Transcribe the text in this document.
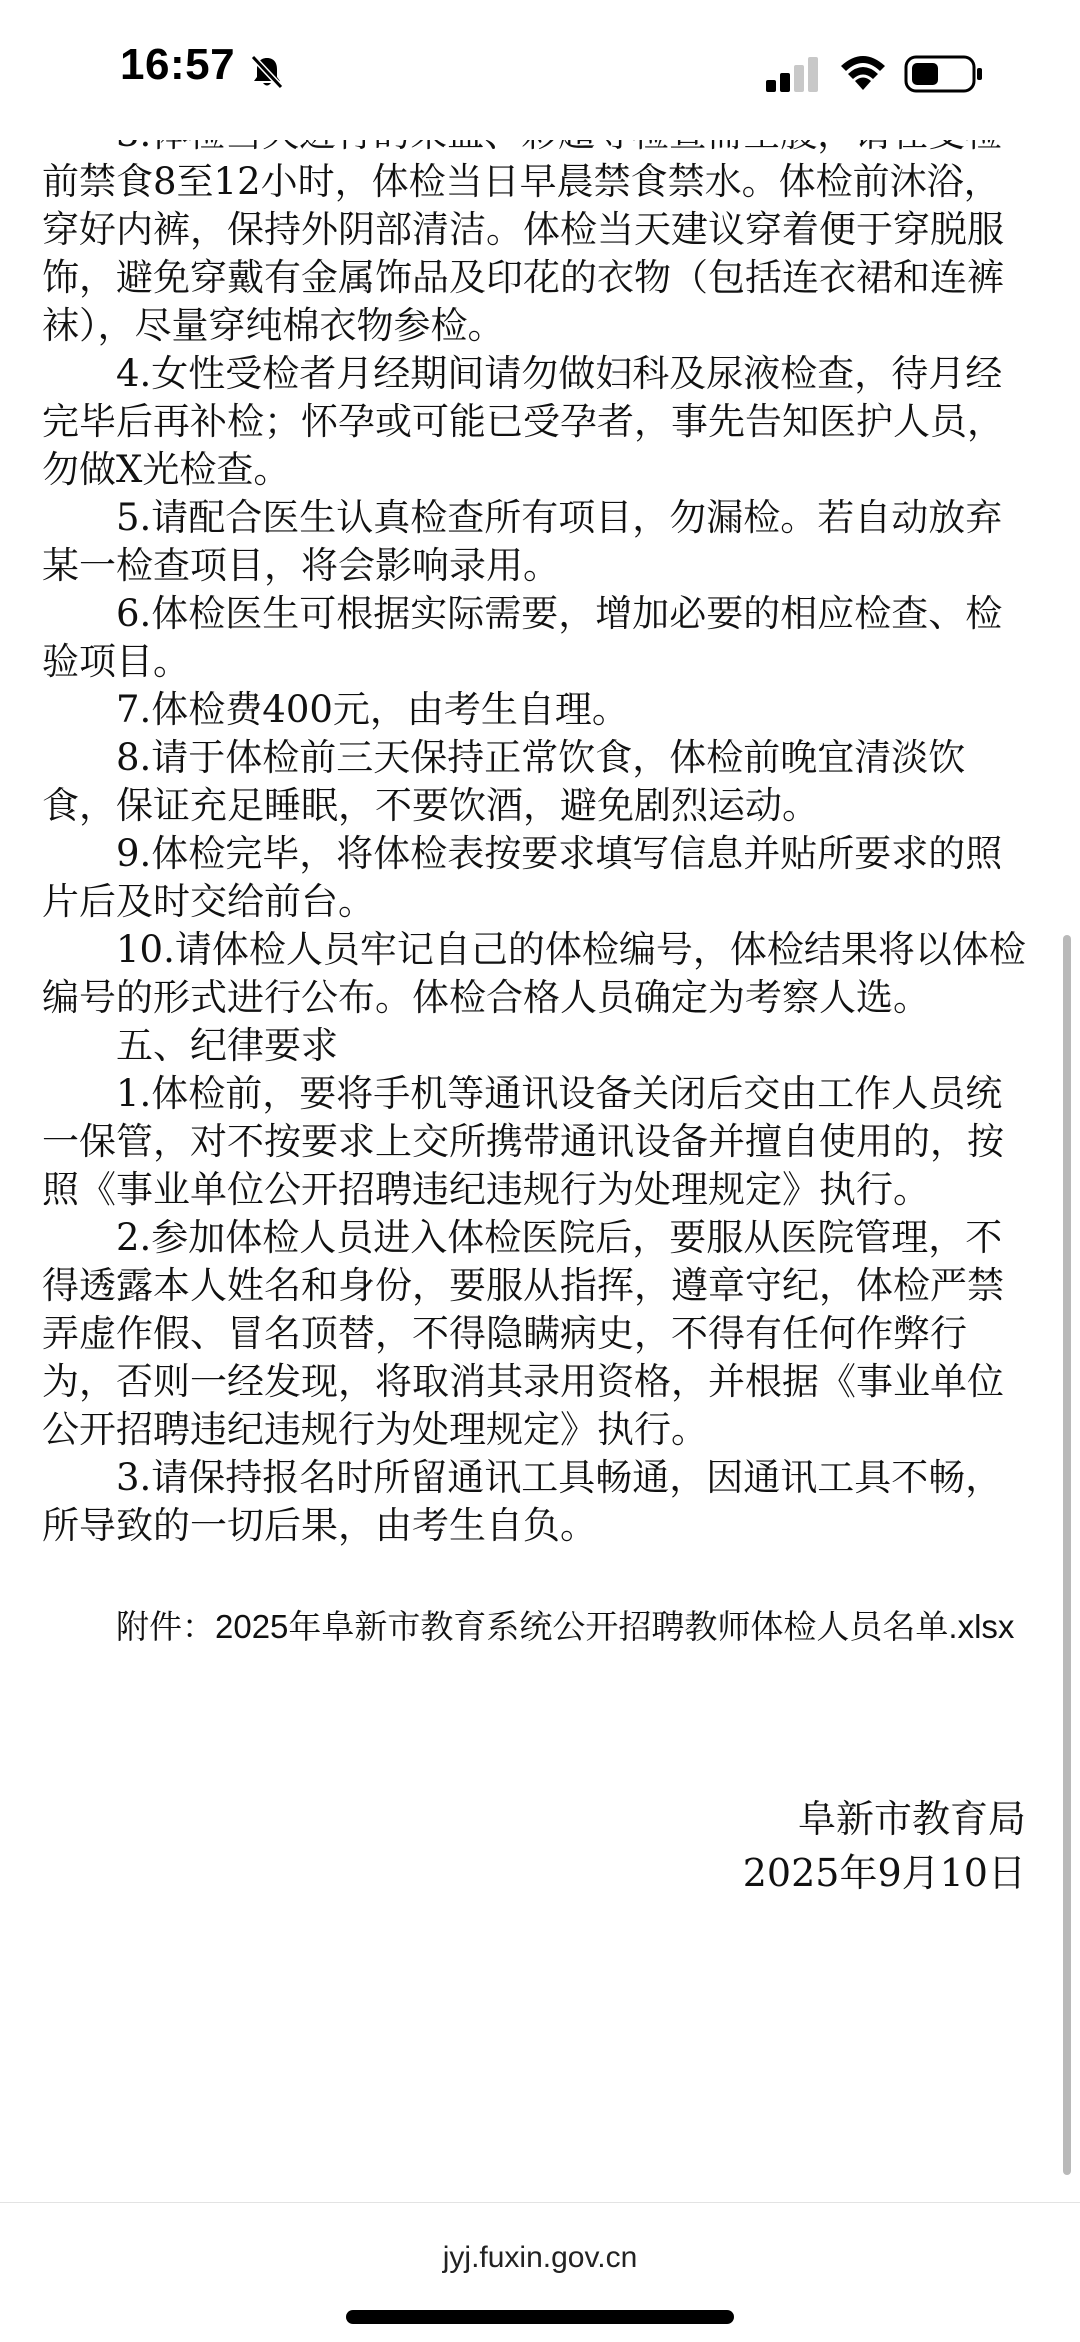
16:57

前禁食8至12小时，体检当日早晨禁食禁水。体检前沐浴，穿好内裤，保持外阴部清洁。体检当天建议穿着便于穿脱服饰，避免穿戴有金属饰品及印花的衣物（包括连衣裙和连裤袜），尽量穿纯棉衣物参检。

4.女性受检者月经期间请勿做妇科及尿液检查，待月经完毕后再补检；怀孕或可能已受孕者，事先告知医护人员，勿做X光检查。

5.请配合医生认真检查所有项目，勿漏检。若自动放弃某一检查项目，将会影响录用。

6.体检医生可根据实际需要，增加必要的相应检查、检验项目。

7.体检费400元，由考生自理。

8.请于体检前三天保持正常饮食，体检前晚宜清淡饮食，保证充足睡眠，不要饮酒，避免剧烈运动。

9.体检完毕，将体检表按要求填写信息并贴所要求的照片后及时交给前台。

10.请体检人员牢记自己的体检编号，体检结果将以体检编号的形式进行公布。体检合格人员确定为考察人选。

五、纪律要求

1.体检前，要将手机等通讯设备关闭后交由工作人员统一保管，对不按要求上交所携带通讯设备并擅自使用的，按照《事业单位公开招聘违纪违规行为处理规定》执行。

2.参加体检人员进入体检医院后，要服从医院管理，不得透露本人姓名和身份，要服从指挥，遵章守纪，体检严禁弄虚作假、冒名顶替，不得隐瞒病史，不得有任何作弊行为，否则一经发现，将取消其录用资格，并根据《事业单位公开招聘违纪违规行为处理规定》执行。

3.请保持报名时所留通讯工具畅通，因通讯工具不畅，所导致的一切后果，由考生自负。

附件：2025年阜新市教育系统公开招聘教师体检人员名单.xlsx
阜新市教育局
2025年9月10日
jyj.fuxin.gov.cn
